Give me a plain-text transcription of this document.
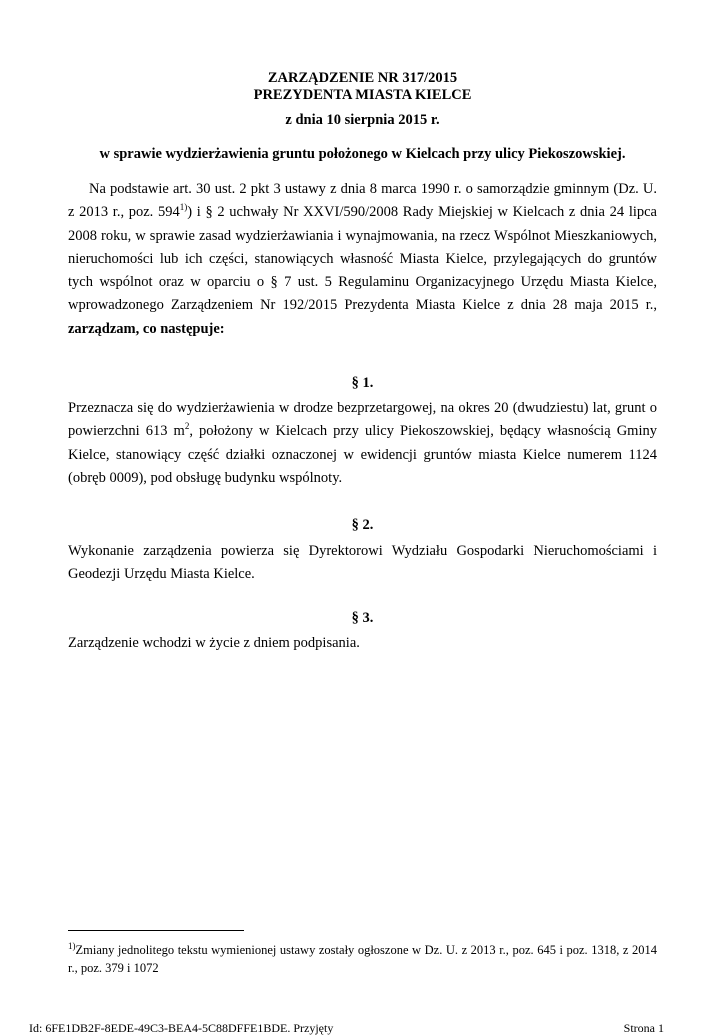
ZARZĄDZENIE NR 317/2015
PREZYDENTA MIASTA KIELCE
z dnia 10 sierpnia 2015 r.
w sprawie wydzierżawienia gruntu położonego w Kielcach przy ulicy Piekoszowskiej.
Na podstawie art. 30 ust. 2 pkt 3 ustawy z dnia 8 marca 1990 r. o samorządzie gminnym (Dz. U. z 2013 r., poz. 594$^{1)}$) i § 2 uchwały Nr XXVI/590/2008 Rady Miejskiej w Kielcach z dnia 24 lipca 2008 roku, w sprawie zasad wydzierżawiania i wynajmowania, na rzecz Wspólnot Mieszkaniowych, nieruchomości lub ich części, stanowiących własność Miasta Kielce, przylegających do gruntów tych wspólnot oraz w oparciu o § 7 ust. 5 Regulaminu Organizacyjnego Urzędu Miasta Kielce, wprowadzonego Zarządzeniem Nr 192/2015 Prezydenta Miasta Kielce z dnia 28 maja 2015 r., zarządzam, co następuje:
§ 1.
Przeznacza się do wydzierżawienia w drodze bezprzetargowej, na okres 20 (dwudziestu) lat, grunt o powierzchni 613 $m^2$, położony w Kielcach przy ulicy Piekoszowskiej, będący własnością Gminy Kielce, stanowiący część działki oznaczonej w ewidencji gruntów miasta Kielce numerem 1124 (obręb 0009), pod obsługę budynku wspólnoty.
§ 2.
Wykonanie zarządzenia powierza się Dyrektorowi Wydziału Gospodarki Nieruchomościami i Geodezji Urzędu Miasta Kielce.
§ 3.
Zarządzenie wchodzi w życie z dniem podpisania.
$^{1)}$Zmiany jednolitego tekstu wymienionej ustawy zostały ogłoszone w Dz. U. z 2013 r., poz. 645 i poz. 1318, z 2014 r., poz. 379 i 1072
Id: 6FE1DB2F-8EDE-49C3-BEA4-5C88DFFE1BDE. Przyjęty	Strona 1
